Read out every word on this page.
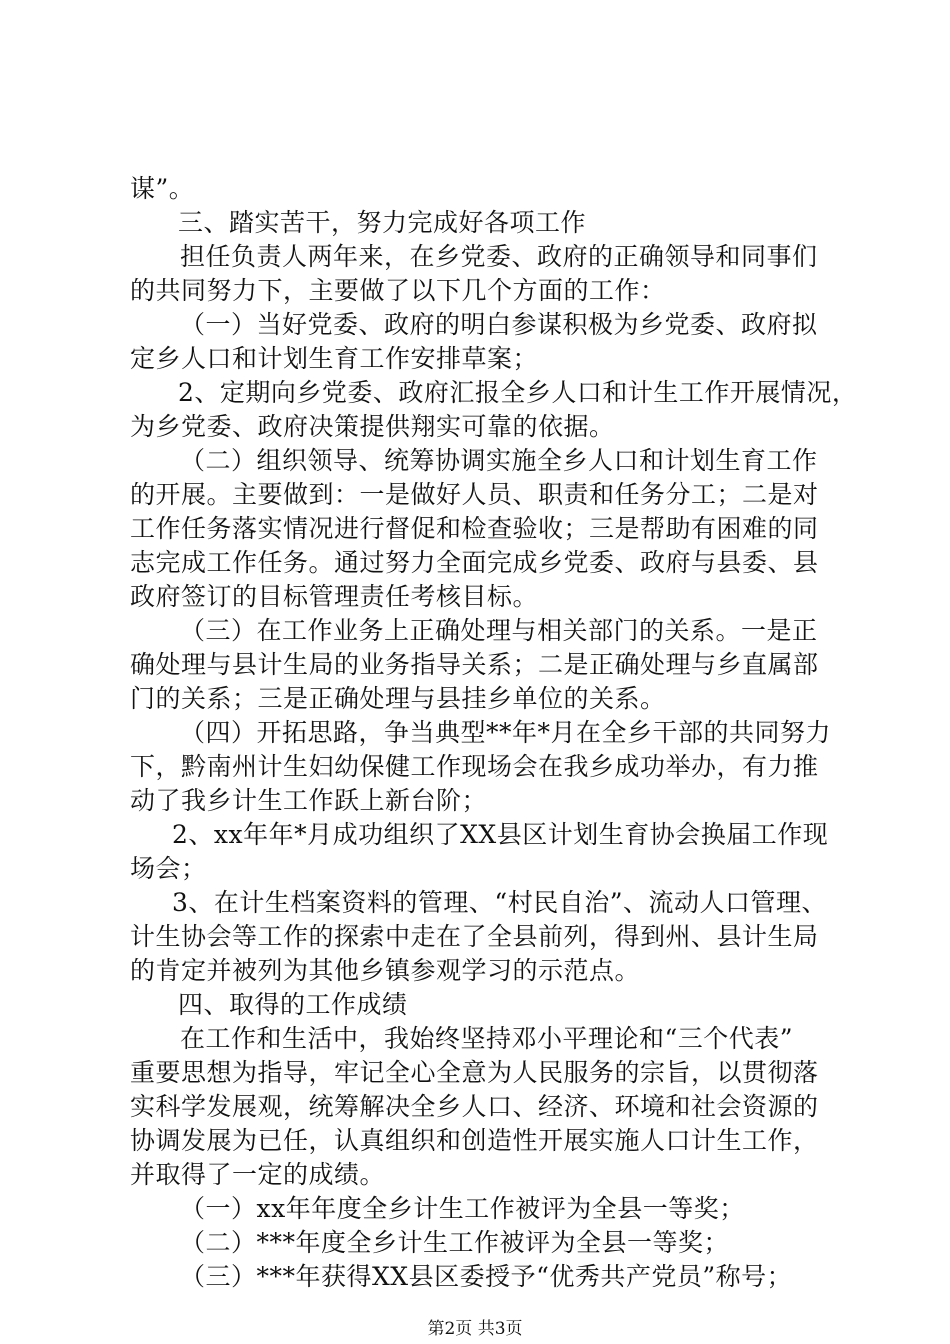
谋”。
三、踏实苦干，努力完成好各项工作
担任负责人两年来，在乡党委、政府的正确领导和同事们
的共同努力下，主要做了以下几个方面的工作：
（一）当好党委、政府的明白参谋积极为乡党委、政府拟
定乡人口和计划生育工作安排草案；
2、定期向乡党委、政府汇报全乡人口和计生工作开展情况，
为乡党委、政府决策提供翔实可靠的依据。
（二）组织领导、统筹协调实施全乡人口和计划生育工作
的开展。主要做到：一是做好人员、职责和任务分工；二是对
工作任务落实情况进行督促和检查验收；三是帮助有困难的同
志完成工作任务。通过努力全面完成乡党委、政府与县委、县
政府签订的目标管理责任考核目标。
（三）在工作业务上正确处理与相关部门的关系。一是正
确处理与县计生局的业务指导关系；二是正确处理与乡直属部
门的关系；三是正确处理与县挂乡单位的关系。
（四）开拓思路，争当典型**年*月在全乡干部的共同努力
下，黔南州计生妇幼保健工作现场会在我乡成功举办，有力推
动了我乡计生工作跃上新台阶；
2、xx年年*月成功组织了XX县区计划生育协会换届工作现
场会；
3、在计生档案资料的管理、“村民自治”、流动人口管理、
计生协会等工作的探索中走在了全县前列，得到州、县计生局
的肯定并被列为其他乡镇参观学习的示范点。
四、取得的工作成绩
在工作和生活中，我始终坚持邓小平理论和“三个代表”
重要思想为指导，牢记全心全意为人民服务的宗旨，以贯彻落
实科学发展观，统筹解决全乡人口、经济、环境和社会资源的
协调发展为已任，认真组织和创造性开展实施人口计生工作，
并取得了一定的成绩。
（一）xx年年度全乡计生工作被评为全县一等奖；
（二）***年度全乡计生工作被评为全县一等奖；
（三）***年获得XX县区委授予“优秀共产党员”称号；
第2页 共3页
